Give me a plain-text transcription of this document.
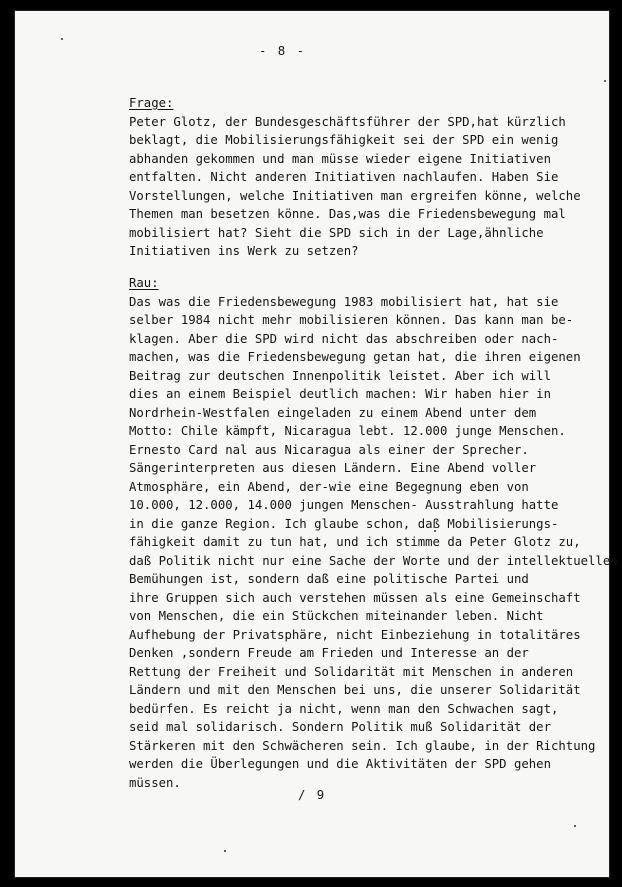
- 8 -
Frage:
Peter Glotz, der Bundesgeschäftsführer der SPD,hat kürzlich
beklagt, die Mobilisierungsfähigkeit sei der SPD ein wenig
abhanden gekommen und man müsse wieder eigene Initiativen
entfalten. Nicht anderen Initiativen nachlaufen. Haben Sie
Vorstellungen, welche Initiativen man ergreifen könne, welche
Themen man besetzen könne. Das,was die Friedensbewegung mal
mobilisiert hat? Sieht die SPD sich in der Lage,ähnliche
Initiativen ins Werk zu setzen?
Rau:
Das was die Friedensbewegung 1983 mobilisiert hat, hat sie
selber 1984 nicht mehr mobilisieren können. Das kann man be-
klagen. Aber die SPD wird nicht das abschreiben oder nach-
machen, was die Friedensbewegung getan hat, die ihren eigenen
Beitrag zur deutschen Innenpolitik leistet. Aber ich will
dies an einem Beispiel deutlich machen: Wir haben hier in
Nordrhein-Westfalen eingeladen zu einem Abend unter dem
Motto: Chile kämpft, Nicaragua lebt. 12.000 junge Menschen.
Ernesto Card nal aus Nicaragua als einer der Sprecher.
Sängerinterpreten aus diesen Ländern. Eine Abend voller
Atmosphäre, ein Abend, der-wie eine Begegnung eben von
10.000, 12.000, 14.000 jungen Menschen- Ausstrahlung hatte
in die ganze Region. Ich glaube schon, daß Mobilisierungs-
fähigkeit damit zu tun hat, und ich stimme da Peter Glotz zu,
daß Politik nicht nur eine Sache der Worte und der intellektuellen
Bemühungen ist, sondern daß eine politische Partei und
ihre Gruppen sich auch verstehen müssen als eine Gemeinschaft
von Menschen, die ein Stückchen miteinander leben. Nicht
Aufhebung der Privatsphäre, nicht Einbeziehung in totalitäres
Denken ,sondern Freude am Frieden und Interesse an der
Rettung der Freiheit und Solidarität mit Menschen in anderen
Ländern und mit den Menschen bei uns, die unserer Solidarität
bedürfen. Es reicht ja nicht, wenn man den Schwachen sagt,
seid mal solidarisch. Sondern Politik muß Solidarität der
Stärkeren mit den Schwächeren sein. Ich glaube, in der Richtung
werden die Überlegungen und die Aktivitäten der SPD gehen
müssen.
/ 9
